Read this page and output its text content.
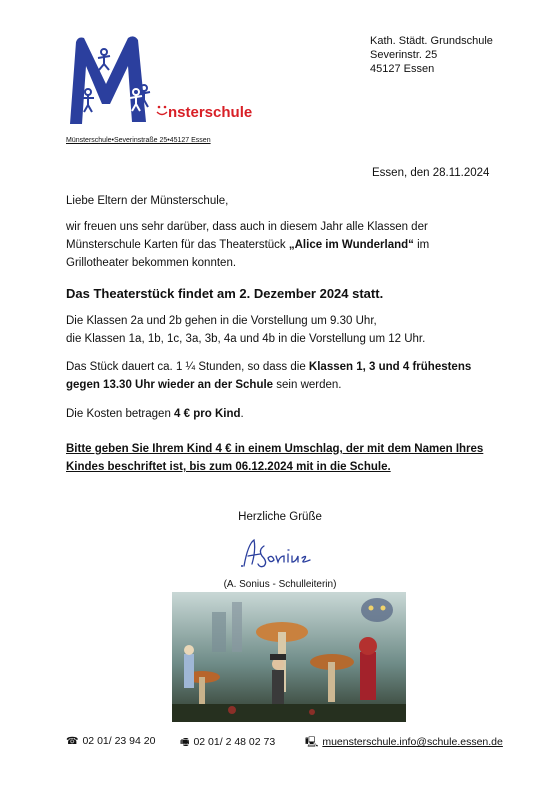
nsterschule
Kath. Städt. Grundschule
Severinstr. 25
45127 Essen
Münsterschule•Severinstraße 25•45127 Essen
Essen, den 28.11.2024
Liebe Eltern der Münsterschule,
wir freuen uns sehr darüber, dass auch in diesem Jahr alle Klassen der Münsterschule Karten für das Theaterstück „Alice im Wunderland“ im Grillotheater bekommen konnten.
Das Theaterstück findet am 2. Dezember 2024 statt.
Die Klassen 2a und 2b gehen in die Vorstellung um 9.30 Uhr,
die Klassen 1a, 1b, 1c, 3a, 3b, 4a und 4b in die Vorstellung um 12 Uhr.
Das Stück dauert ca. 1 ¼ Stunden, so dass die Klassen 1, 3 und 4 frühestens gegen 13.30 Uhr wieder an der Schule sein werden.
Die Kosten betragen 4 € pro Kind.
Bitte geben Sie Ihrem Kind 4 € in einem Umschlag, der mit dem Namen Ihres Kindes beschriftet ist, bis zum 06.12.2024 mit in die Schule.
Herzliche Grüße
(A. Sonius - Schulleiterin)
☎ 02 01/ 23 94 20 🖷 02 01/ 2 48 02 73	🖳 muensterschule.info@schule.essen.de
